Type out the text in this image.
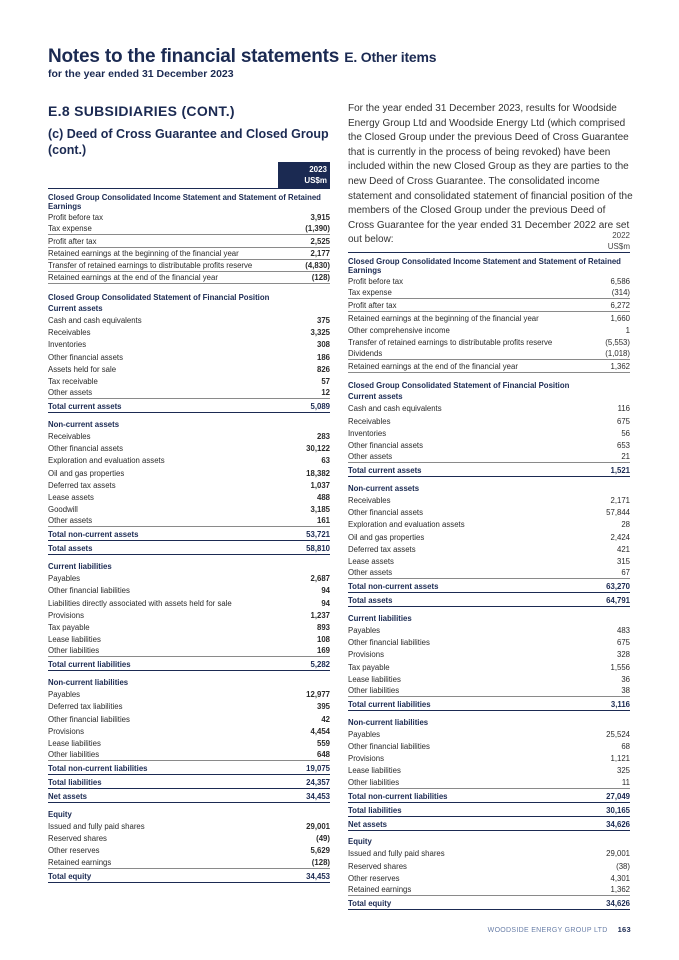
Notes to the financial statements E. Other items
for the year ended 31 December 2023
E.8 SUBSIDIARIES (CONT.)
(c) Deed of Cross Guarantee and Closed Group (cont.)
For the year ended 31 December 2023, results for Woodside Energy Group Ltd and Woodside Energy Ltd (which comprised the Closed Group under the previous Deed of Cross Guarantee that is currently in the process of being revoked) have been included within the new Closed Group as they are parties to the new Deed of Cross Guarantee. The consolidated income statement and consolidated statement of financial position of the members of the Closed Group under the previous Deed of Cross Guarantee for the year ended 31 December 2022 are set out below:
2023
US$m
Closed Group Consolidated Income Statement and Statement of Retained Earnings
Profit before tax	3,915
Tax expense	(1,390)
Profit after tax	2,525
Retained earnings at the beginning of the financial year	2,177
Transfer of retained earnings to distributable profits reserve	(4,830)
Retained earnings at the end of the financial year	(128)
Closed Group Consolidated Statement of Financial Position
Current assets
Cash and cash equivalents	375
Receivables	3,325
Inventories	308
Other financial assets	186
Assets held for sale	826
Tax receivable	57
Other assets	12
Total current assets	5,089
Non-current assets
Receivables	283
Other financial assets	30,122
Exploration and evaluation assets	63
Oil and gas properties	18,382
Deferred tax assets	1,037
Lease assets	488
Goodwill	3,185
Other assets	161
Total non-current assets	53,721
Total assets	58,810
Current liabilities
Payables	2,687
Other financial liabilities	94
Liabilities directly associated with assets held for sale	94
Provisions	1,237
Tax payable	893
Lease liabilities	108
Other liabilities	169
Total current liabilities	5,282
Non-current liabilities
Payables	12,977
Deferred tax liabilities	395
Other financial liabilities	42
Provisions	4,454
Lease liabilities	559
Other liabilities	648
Total non-current liabilities	19,075
Total liabilities	24,357
Net assets	34,453
Equity
Issued and fully paid shares	29,001
Reserved shares	(49)
Other reserves	5,629
Retained earnings	(128)
Total equity	34,453
2022
US$m
Closed Group Consolidated Income Statement and Statement of Retained Earnings
Profit before tax	6,586
Tax expense	(314)
Profit after tax	6,272
Retained earnings at the beginning of the financial year	1,660
Other comprehensive income	1
Transfer of retained earnings to distributable profits reserve	(5,553)
Dividends	(1,018)
Retained earnings at the end of the financial year	1,362
Closed Group Consolidated Statement of Financial Position
Current assets
Cash and cash equivalents	116
Receivables	675
Inventories	56
Other financial assets	653
Other assets	21
Total current assets	1,521
Non-current assets
Receivables	2,171
Other financial assets	57,844
Exploration and evaluation assets	28
Oil and gas properties	2,424
Deferred tax assets	421
Lease assets	315
Other assets	67
Total non-current assets	63,270
Total assets	64,791
Current liabilities
Payables	483
Other financial liabilities	675
Provisions	328
Tax payable	1,556
Lease liabilities	36
Other liabilities	38
Total current liabilities	3,116
Non-current liabilities
Payables	25,524
Other financial liabilities	68
Provisions	1,121
Lease liabilities	325
Other liabilities	11
Total non-current liabilities	27,049
Total liabilities	30,165
Net assets	34,626
Equity
Issued and fully paid shares	29,001
Reserved shares	(38)
Other reserves	4,301
Retained earnings	1,362
Total equity	34,626
WOODSIDE ENERGY GROUP LTD 163
